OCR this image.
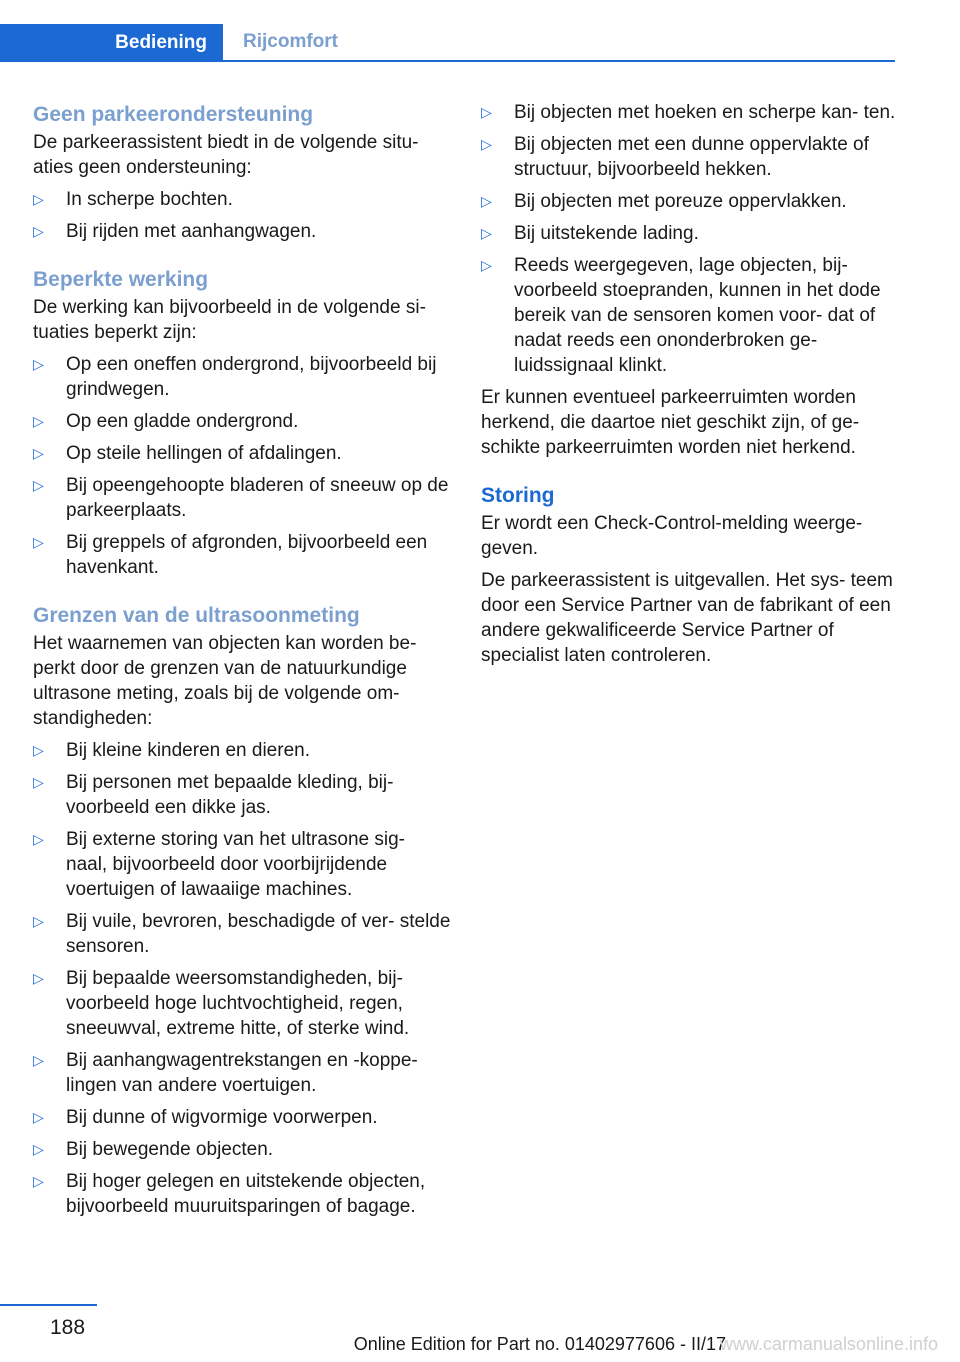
Bediening	Rijcomfort
Geen parkeerondersteuning

De parkeerassistent biedt in de volgende situ- aties geen ondersteuning:

▷	In scherpe bochten.
▷	Bij rijden met aanhangwagen.
Beperkte werking

De werking kan bijvoorbeeld in de volgende si- tuaties beperkt zijn:

▷	Op een oneffen ondergrond, bijvoorbeeld bij grindwegen.
▷	Op een gladde ondergrond.
▷	Op steile hellingen of afdalingen.
▷	Bij opeengehoopte bladeren of sneeuw op de parkeerplaats.
▷	Bij greppels of afgronden, bijvoorbeeld een havenkant.
Grenzen van de ultrasoonmeting

Het waarnemen van objecten kan worden be- perkt door de grenzen van de natuurkundige ultrasone meting, zoals bij de volgende om- standigheden:

▷	Bij kleine kinderen en dieren.
▷	Bij personen met bepaalde kleding, bij- voorbeeld een dikke jas.
▷	Bij externe storing van het ultrasone sig- naal, bijvoorbeeld door voorbijrijdende voertuigen of lawaaiige machines.
▷	Bij vuile, bevroren, beschadigde of ver- stelde sensoren.
▷	Bij bepaalde weersomstandigheden, bij- voorbeeld hoge luchtvochtigheid, regen, sneeuwval, extreme hitte, of sterke wind.
▷	Bij aanhangwagentrekstangen en -koppe- lingen van andere voertuigen.
▷	Bij dunne of wigvormige voorwerpen.
▷	Bij bewegende objecten.
▷	Bij hoger gelegen en uitstekende objecten, bijvoorbeeld muuruitsparingen of bagage.
▷	Bij objecten met hoeken en scherpe kan- ten.
▷	Bij objecten met een dunne oppervlakte of structuur, bijvoorbeeld hekken.
▷	Bij objecten met poreuze oppervlakken.
▷	Bij uitstekende lading.
▷	Reeds weergegeven, lage objecten, bij- voorbeeld stoepranden, kunnen in het dode bereik van de sensoren komen voor- dat of nadat reeds een ononderbroken ge- luidssignaal klinkt.

Er kunnen eventueel parkeerruimten worden herkend, die daartoe niet geschikt zijn, of ge- schikte parkeerruimten worden niet herkend.

Storing

Er wordt een Check-Control-melding weerge- geven.

De parkeerassistent is uitgevallen. Het sys- teem door een Service Partner van de fabrikant of een andere gekwalificeerde Service Partner of specialist laten controleren.

188
Online Edition for Part no. 01402977606 - II/17
www.carmanualsonline.info
